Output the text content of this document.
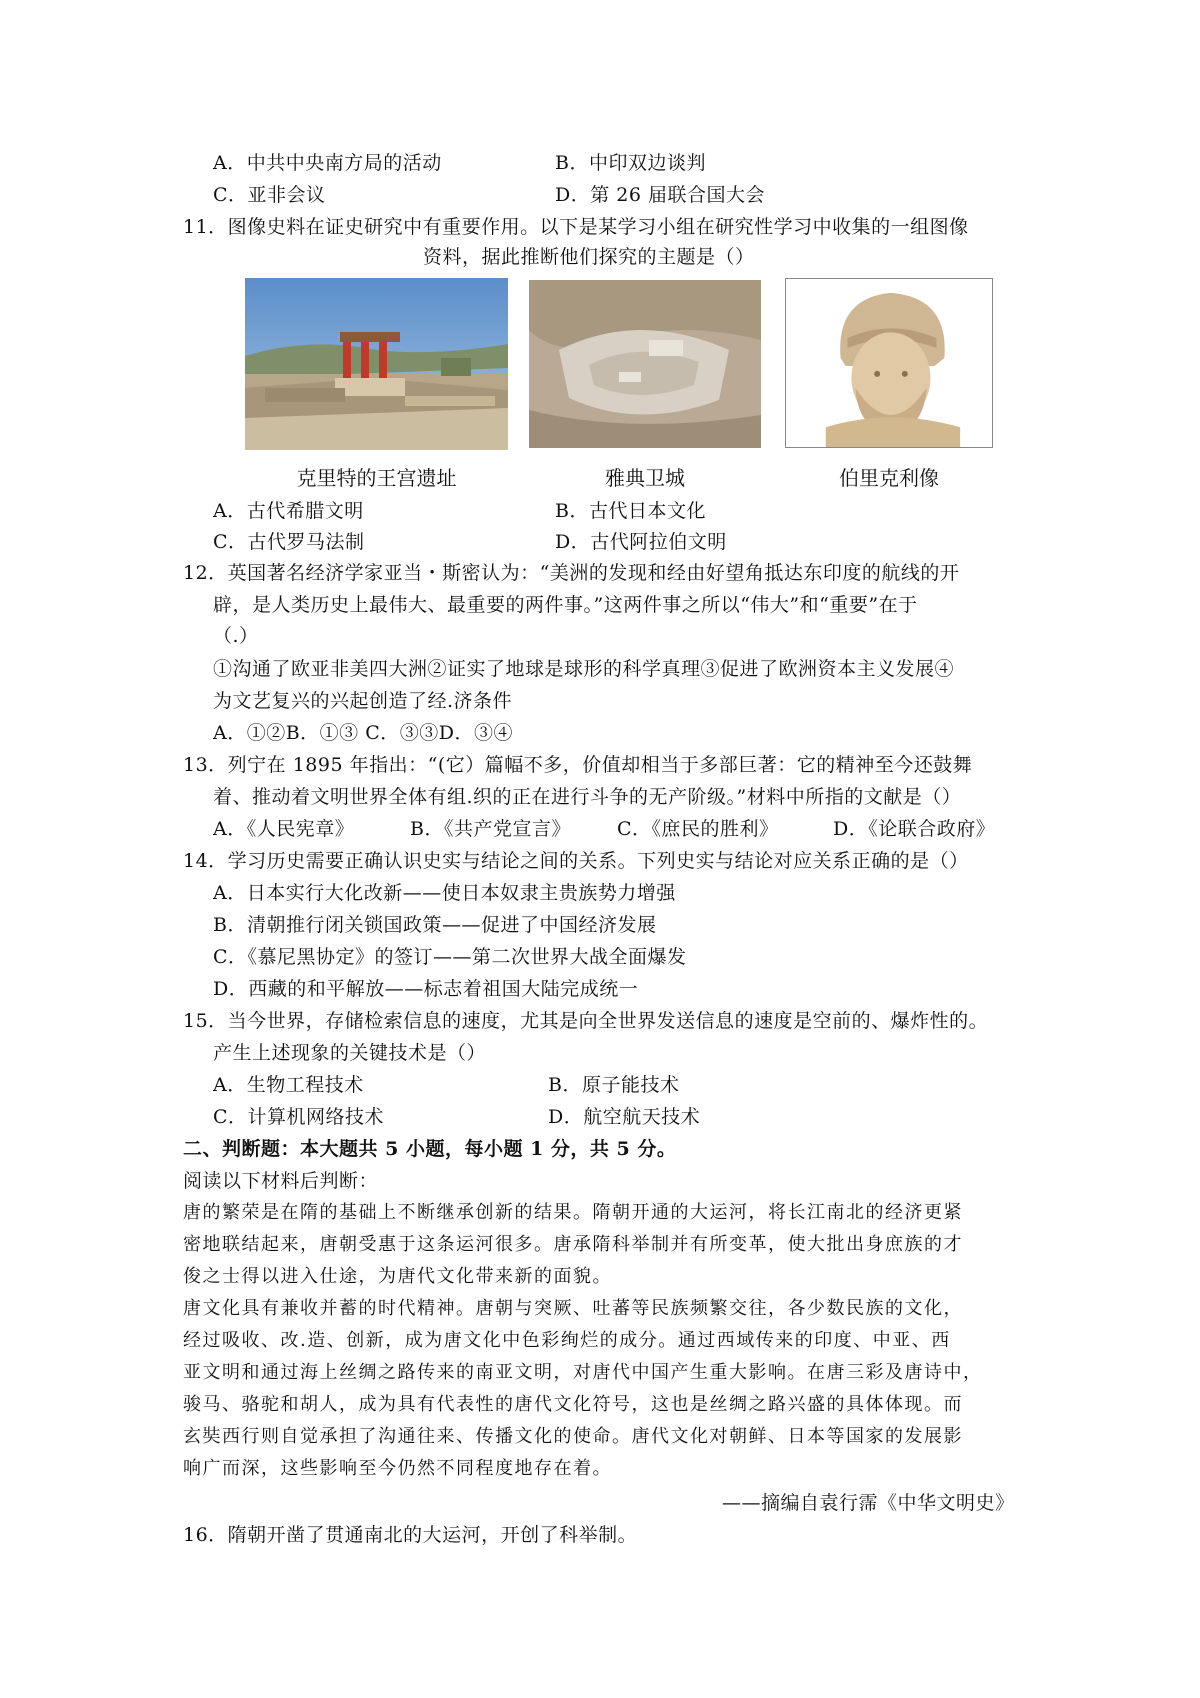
A．中共中央南方局的活动	B．中印双边谈判
C．亚非会议	D．第 26 届联合国大会
11．图像史料在证史研究中有重要作用。以下是某学习小组在研究性学习中收集的一组图像
资料，据此推断他们探究的主题是（）
克里特的王宫遗址	雅典卫城	伯里克利像
A．古代希腊文明	B．古代日本文化
C．古代罗马法制	D．古代阿拉伯文明
12．英国著名经济学家亚当・斯密认为：“美洲的发现和经由好望角抵达东印度的航线的开
辟，是人类历史上最伟大、最重要的两件事。”这两件事之所以“伟大”和“重要”在于
（.）
①沟通了欧亚非美四大洲②证实了地球是球形的科学真理③促进了欧洲资本主义发展④
为文艺复兴的兴起创造了经.济条件
A．①②B．①③ C．③③D．③④
13．列宁在 1895 年指出：“(它）篇幅不多，价值却相当于多部巨著：它的精神至今还鼓舞
着、推动着文明世界全体有组.织的正在进行斗争的无产阶级。”材料中所指的文献是（）
A．《人民宪章》	B．《共产党宣言》 C．《庶民的胜利》	D．《论联合政府》
14．学习历史需要正确认识史实与结论之间的关系。下列史实与结论对应关系正确的是（）
A．日本实行大化改新——使日本奴隶主贵族势力增强
B．清朝推行闭关锁国政策——促进了中国经济发展
C．《慕尼黑协定》的签订——第二次世界大战全面爆发
D．西藏的和平解放——标志着祖国大陆完成统一
15．当今世界，存储检索信息的速度，尤其是向全世界发送信息的速度是空前的、爆炸性的。
产生上述现象的关键技术是（）
A．生物工程技术	B．原子能技术
C．计算机网络技术	D．航空航天技术
二、判断题：本大题共 5 小题，每小题 1 分，共 5 分。
阅读以下材料后判断：
唐的繁荣是在隋的基础上不断继承创新的结果。隋朝开通的大运河，将长江南北的经济更紧
密地联结起来，唐朝受惠于这条运河很多。唐承隋科举制并有所变革，使大批出身庶族的才
俊之士得以进入仕途，为唐代文化带来新的面貌。
唐文化具有兼收并蓄的时代精神。唐朝与突厥、吐蕃等民族频繁交往，各少数民族的文化，
经过吸收、改.造、创新，成为唐文化中色彩绚烂的成分。通过西域传来的印度、中亚、西
亚文明和通过海上丝绸之路传来的南亚文明，对唐代中国产生重大影响。在唐三彩及唐诗中，
骏马、骆驼和胡人，成为具有代表性的唐代文化符号，这也是丝绸之路兴盛的具体体现。而
玄奘西行则自觉承担了沟通往来、传播文化的使命。唐代文化对朝鲜、日本等国家的发展影
响广而深，这些影响至今仍然不同程度地存在着。
——摘编自袁行霈《中华文明史》
16．隋朝开凿了贯通南北的大运河，开创了科举制。
